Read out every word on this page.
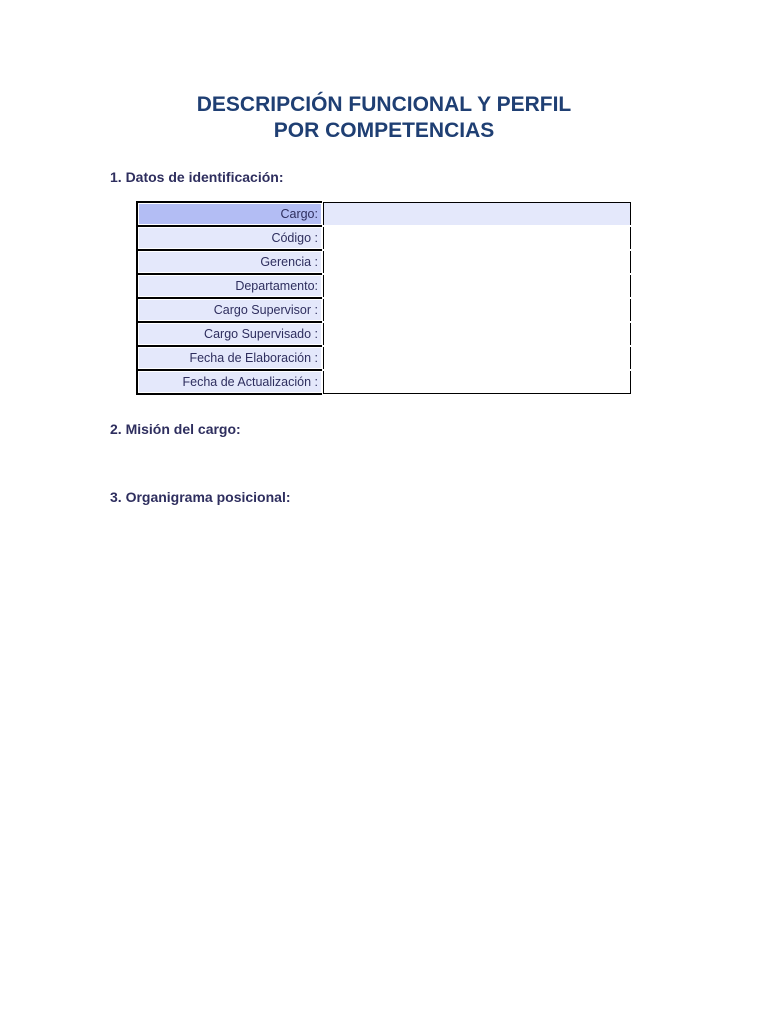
DESCRIPCIÓN FUNCIONAL Y PERFIL
POR COMPETENCIAS
1. Datos de identificación:
Cargo:	
Código :	
Gerencia :	
Departamento:	
Cargo Supervisor :	
Cargo Supervisado :	
Fecha de Elaboración :	
Fecha de Actualización :	
2. Misión del cargo:
3. Organigrama posicional:
